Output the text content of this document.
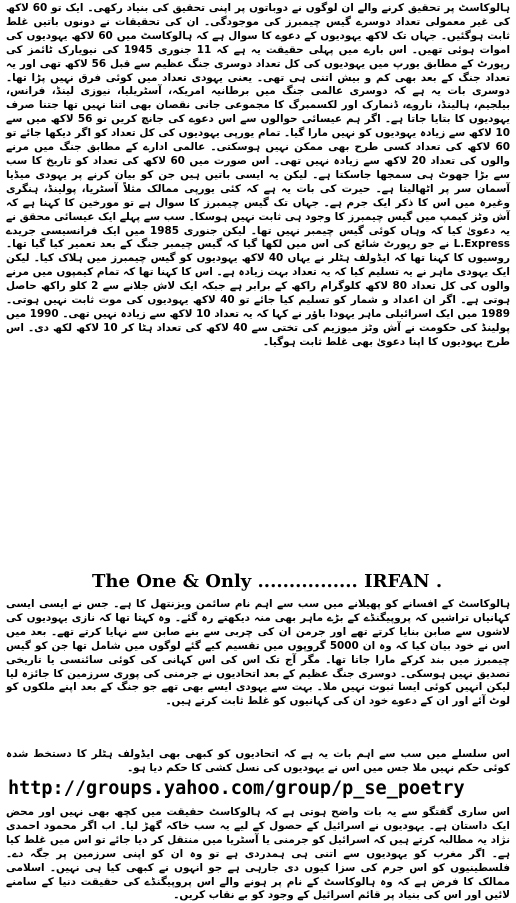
ہالوکاسٹ پر تحقیق کرنے والے ان لوگوں نے دوباتوں پر اپنی تحقیق کی بنیاد رکھی۔ ایک تو 60 لاکھ کی غیر معمولی تعداد دوسرے گیس چیمبرز کی موجودگی۔ ان کی تحقیقات نے دونوں باتیں غلط ثابت ہوگئیں۔ جہاں تک لاکھ یہودیوں کے دعوے کا سوال ہے کہ ہالوکاسٹ میں 60 لاکھ یہودیوں کی اموات ہوئی تھیں۔ اس بارے میں پہلی حقیقت یہ ہے کہ 11 جنوری 1945 کی نیویارک ٹائمز کی رپورٹ کے مطابق یورپ میں یہودیوں کی کل تعداد دوسری جنگ عظیم سے قبل 56 لاکھ تھی اور یہ تعداد جنگ کے بعد بھی کم و بیش اتنی ہی تھی۔ یعنی یہودی تعداد میں کوئی فرق نہیں پڑا تھا۔ دوسری بات یہ ہے کہ دوسری عالمی جنگ میں برطانیہ امریکہ، آسٹریلیا، نیوزی لینڈ، فرانس، بیلجیم، ہالینڈ، ناروے، ڈنمارک اور لکسمبرگ کا مجموعی جانی نقصان بھی اتنا نہیں تھا جتنا صرف یہودیوں کا بتایا جاتا ہے۔ اگر ہم عیسائی حوالوں سے اس دعوے کی جانچ کریں تو 56 لاکھ میں سے 10 لاکھ سے زیادہ یہودیوں کو نہیں مارا گیا۔ تمام یورپی یہودیوں کی کل تعداد کو اگر دیکھا جائے تو 60 لاکھ کی تعداد کسی طرح بھی ممکن نہیں ہوسکتی۔ عالمی ادارے کے مطابق جنگ میں مرنے والوں کی تعداد 20 لاکھ سے زیادہ نہیں تھی۔ اس صورت میں 60 لاکھ کی تعداد کو تاریخ کا سب سے بڑا جھوٹ ہی سمجھا جاسکتا ہے۔ لیکن یہ ایسی باتیں ہیں جن کو بیان کرنے پر یہودی میڈیا آسمان سر پر اٹھالیتا ہے۔ حیرت کی بات یہ ہے کہ کئی یورپی ممالک مثلاً آسٹریا، پولینڈ، ہنگری وغیرہ میں اس کا ذکر ایک جرم ہے۔ جہاں تک گیس چیمبرز کا سوال ہے تو مورخین کا کہنا ہے کہ آش وٹز کیمپ میں گیس چیمبرز کا وجود ہی ثابت نہیں ہوسکا۔ سب سے پہلے ایک عیسائی محقق نے یہ دعویٰ کیا کہ وہاں کوئی گیس چیمبر نہیں تھا۔ لیکن جنوری 1985 میں ایک فرانسیسی جریدے L.Express نے جو رپورٹ شائع کی اس میں لکھا گیا کہ گیس چیمبر جنگ کے بعد تعمیر کیا گیا تھا۔ روسیوں کا کہنا تھا کہ ایڈولف ہٹلر نے یہاں 40 لاکھ یہودیوں کو گیس چیمبرز میں ہلاک کیا۔ لیکن ایک یہودی ماہر نے یہ تسلیم کیا کہ یہ تعداد بہت زیادہ ہے۔ اس کا کہنا تھا کہ تمام کیمپوں میں مرنے والوں کی کل تعداد 80 لاکھ کلوگرام راکھ کے برابر ہے جبکہ ایک لاش جلانے سے 2 کلو راکھ حاصل ہوتی ہے۔ اگر ان اعداد و شمار کو تسلیم کیا جائے تو 40 لاکھ یہودیوں کی موت ثابت نہیں ہوتی۔ 1989 میں ایک اسرائیلی ماہر یہودا باؤر نے کہا کہ یہ تعداد 10 لاکھ سے زیادہ نہیں تھی۔ 1990 میں پولینڈ کی حکومت نے آش وٹز میوزیم کی تختی سے 40 لاکھ کی تعداد ہٹا کر 10 لاکھ لکھ دی۔ اس طرح یہودیوں کا اپنا دعویٰ بھی غلط ثابت ہوگیا۔

The One & Only ................ IRFAN .

ہالوکاسٹ کے افسانے کو پھیلانے میں سب سے اہم نام سائمن ویزنتھل کا ہے۔ جس نے ایسی ایسی کہانیاں تراشیں کہ پروپیگنڈے کے بڑے ماہر بھی منہ دیکھتے رہ گئے۔ وہ کہتا تھا کہ نازی یہودیوں کی لاشوں سے صابن بنایا کرتے تھے اور جرمن ان کی چربی سے بنے صابن سے نہایا کرتے تھے۔ بعد میں اس نے خود بیان کیا کہ وہ ان 5000 گروپوں میں تقسیم کیے گئے لوگوں میں شامل تھا جن کو گیس چیمبرز میں بند کرکے مارا جاتا تھا۔ مگر آج تک اس کی اس کہانی کی کوئی سائنسی یا تاریخی تصدیق نہیں ہوسکی۔ دوسری جنگ عظیم کے بعد اتحادیوں نے جرمنی کی پوری سرزمین کا جائزہ لیا لیکن انہیں کوئی ایسا ثبوت نہیں ملا۔ بہت سے یہودی ایسے بھی تھے جو جنگ کے بعد اپنے ملکوں کو لوٹ آئے اور ان کے دعوے خود ان کی کہانیوں کو غلط ثابت کرتے ہیں۔

اس سلسلے میں سب سے اہم بات یہ ہے کہ اتحادیوں کو کبھی بھی ایڈولف ہٹلر کا دستخط شدہ کوئی حکم نہیں ملا جس میں اس نے یہودیوں کی نسل کشی کا حکم دیا ہو۔

http://groups.yahoo.com/group/p_se_poetry

اس ساری گفتگو سے یہ بات واضح ہوتی ہے کہ ہالوکاسٹ حقیقت میں کچھ بھی نہیں اور محض ایک داستان ہے۔ یہودیوں نے اسرائیل کے حصول کے لیے یہ سب خاکہ گھڑ لیا۔ اب اگر محمود احمدی نژاد یہ مطالبہ کرتے ہیں کہ اسرائیل کو جرمنی یا آسٹریا میں منتقل کر دیا جائے تو اس میں غلط کیا ہے۔ اگر مغرب کو یہودیوں سے اتنی ہی ہمدردی ہے تو وہ ان کو اپنی سرزمین پر جگہ دے۔ فلسطینیوں کو اس جرم کی سزا کیوں دی جارہی ہے جو انہوں نے کبھی کیا ہی نہیں۔ اسلامی ممالک کا فرض ہے کہ وہ ہالوکاسٹ کے نام پر ہونے والے اس پروپیگنڈے کی حقیقت دنیا کے سامنے لائیں اور اس کی بنیاد پر قائم اسرائیل کے وجود کو بے نقاب کریں۔
